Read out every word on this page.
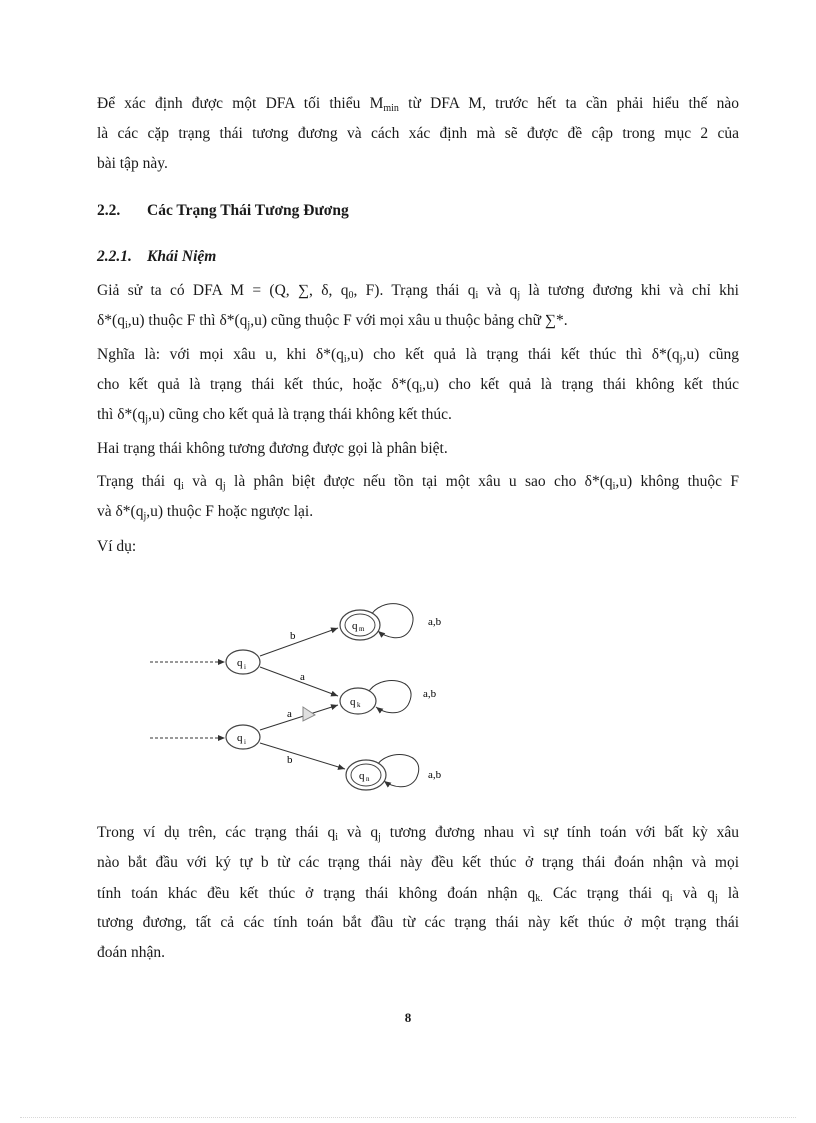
Để xác định được một DFA tối thiểu $M_{min}$ từ DFA M, trước hết ta cần phải hiểu thế nào
là các cặp trạng thái tương đương và cách xác định mà sẽ được đề cập trong mục 2 của
bài tập này.
2.2. Các Trạng Thái Tương Đương
2.2.1. Khái Niệm
Giả sử ta có DFA M = (Q, ∑, δ, $q_0$, F). Trạng thái $q_i$ và $q_j$ là tương đương khi và chỉ khi
$\delta*(q_i,u)$ thuộc F thì $\delta*(q_j,u)$ cũng thuộc F với mọi xâu u thuộc bảng chữ ∑*.
Nghĩa là: với mọi xâu u, khi $\delta*(q_i,u)$ cho kết quả là trạng thái kết thúc thì $\delta*(q_j,u)$ cũng
cho kết quả là trạng thái kết thúc, hoặc $\delta*(q_i,u)$ cho kết quả là trạng thái không kết thúc
thì $\delta*(q_j,u)$ cũng cho kết quả là trạng thái không kết thúc.
Hai trạng thái không tương đương được gọi là phân biệt.
Trạng thái $q_i$ và $q_j$ là phân biệt được nếu tồn tại một xâu u sao cho $\delta*(q_i,u)$ không thuộc F
và $\delta*(q_j,u)$ thuộc F hoặc ngược lại.
Ví dụ:
q i
q i
b
a
a
b
q m
a,b
q k
a,b
q n	a,b
Trong ví dụ trên, các trạng thái $q_i$ và $q_j$ tương đương nhau vì sự tính toán với bất kỳ xâu
nào bắt đầu với ký tự b từ các trạng thái này đều kết thúc ở trạng thái đoán nhận và mọi
tính toán khác đều kết thúc ở trạng thái không đoán nhận $q_{k.}$ Các trạng thái $q_i$ và $q_j$ là
tương đương, tất cả các tính toán bắt đầu từ các trạng thái này kết thúc ở một trạng thái
đoán nhận.
8
